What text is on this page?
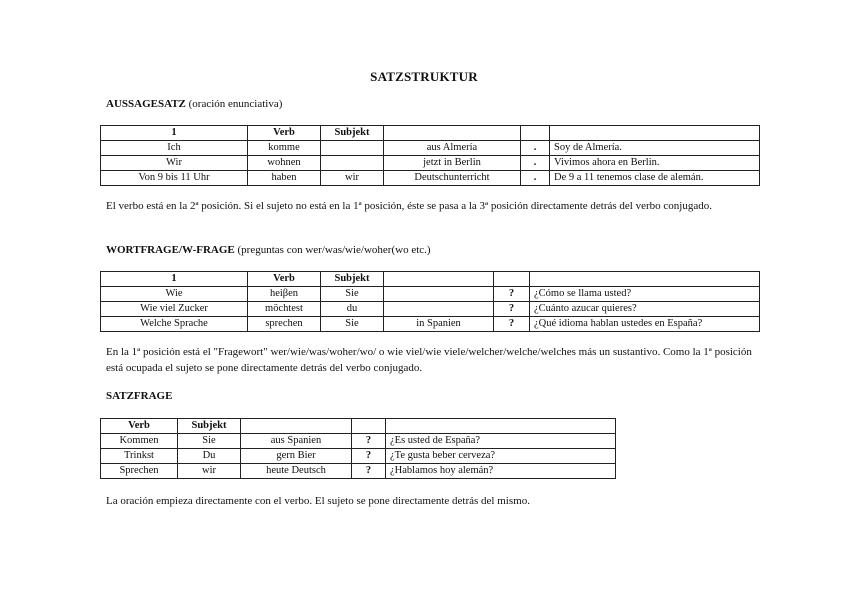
SATZSTRUKTUR
AUSSAGESATZ (oración enunciativa)
1	Verb	Subjekt			
Ich	komme		aus Almería	.	Soy de Almería.
Wir	wohnen		jetzt in Berlin	.	Vivimos ahora en Berlin.
Von 9 bis 11 Uhr	haben	wir	Deutschunterricht	.	De 9 a 11 tenemos clase de alemán.
El verbo está en la 2ª posición. Si el sujeto no está en la 1ª posición, éste se pasa a la 3ª posición directamente detrás del verbo conjugado.
WORTFRAGE/W-FRAGE (preguntas con wer/was/wie/woher(wo etc.)
1	Verb	Subjekt			
Wie	heiβen	Sie		?	¿Cómo se llama usted?
Wie viel Zucker	möchtest	du		?	¿Cuánto azucar quieres?
Welche Sprache	sprechen	Sie	in Spanien	?	¿Qué idioma hablan ustedes en España?
En la 1ª posición está el "Fragewort" wer/wie/was/woher/wo/ o wie viel/wie viele/welcher/welche/welches más un sustantivo. Como la 1ª posición está ocupada el sujeto se pone directamente detrás del verbo conjugado.
SATZFRAGE
Verb	Subjekt			
Kommen	Sie	aus Spanien	?	¿Es usted de España?
Trinkst	Du	gern Bier	?	¿Te gusta beber cerveza?
Sprechen	wir	heute Deutsch	?	¿Hablamos hoy alemán?
La oración empieza directamente con el verbo. El sujeto se pone directamente detrás del mismo.
